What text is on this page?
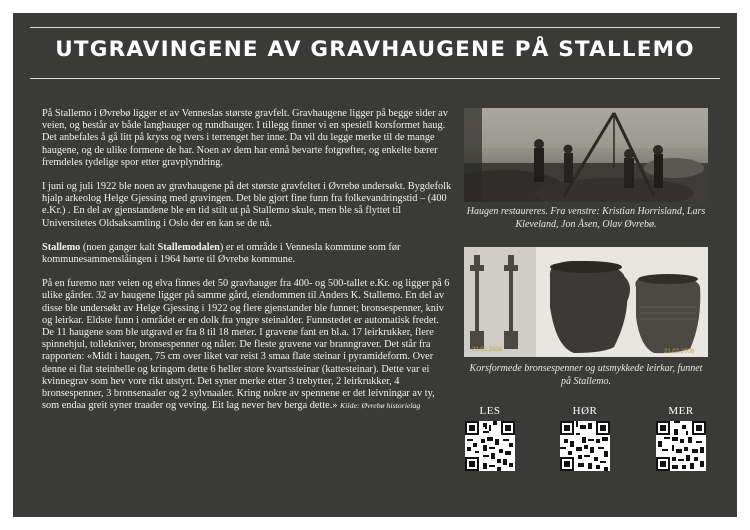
UTGRAVINGENE AV GRAVHAUGENE PÅ STALLEMO

På Stallemo i Øvrebø ligger et av Venneslas største gravfelt. Gravhaugene ligger på begge sider av veien, og består av både langhauger og rundhauger. I tillegg finner vi en spesiell korsformet haug. Det anbefales å gå litt på kryss og tvers i terrenget her inne. Da vil du legge merke til de mange haugene, og de ulike formene de har. Noen av dem har ennå bevarte fotgrøfter, og enkelte bærer fremdeles tydelige spor etter gravplyndring.

I juni og juli 1922 ble noen av gravhaugene på det største gravfeltet i Øvrebø undersøkt. Bygdefolk hjalp arkeolog Helge Gjessing med gravingen. Det ble gjort fine funn fra folkevandringstid – (400 e.Kr.) . En del av gjenstandene ble en tid stilt ut på Stallemo skule, men ble så flyttet til Universitetes Oldsaksamling i Oslo der en kan se de nå.

Stallemo (noen ganger kalt Stallemodalen) er et område i Vennesla kommune som før kommunesammenslåingen i 1964 hørte til Øvrebø kommune.

På en furemo nær veien og elva finnes det 50 gravhauger fra 400- og 500-tallet e.Kr. og ligger på 6 ulike gårder. 32 av haugene ligger på samme gård, eiendommen til Anders K. Stallemo. En del av disse ble undersøkt av Helge Gjessing i 1922 og flere gjenstander ble funnet; bronsespenner, kniv og leirkar. Eldste funn i området er en dolk fra yngre steinalder. Funnstedet er automatisk fredet. De 11 haugene som ble utgravd er fra 8 til 18 meter. I gravene fant en bl.a. 17 leirkrukker, flere spinnehjul, tollekniver, bronsespenner og nåler. De fleste gravene var branngraver. Det står fra rapporten: «Midt i haugen, 75 cm over liket var reist 3 smaa flate steinar i pyramideform. Over denne ei flat steinhelle og kringom dette 6 heller store kvartssteinar (kattesteinar). Dette var ei kvinnegrav som hev vore rikt utstyrt. Det syner merke etter 3 trebytter, 2 leirkrukker, 4 bronsespenner, 3 bronsenaaler og 2 sylvnaaler. Kring nokre av spennene er det leivningar av ty, som endaa greit syner traader og veving. Eit lag never hev berga dette.» Kilde: Øvrebø historielag

Haugen restaureres. Fra venstre: Kristian Horrisland, Lars Kleveland, Jon Åsen, Olav Øvrebø.
21.02.2008	21.02.2008
Korsformede bronsespenner og utsmykkede leirkar, funnet på Stallemo.
LES	HØR	MER
